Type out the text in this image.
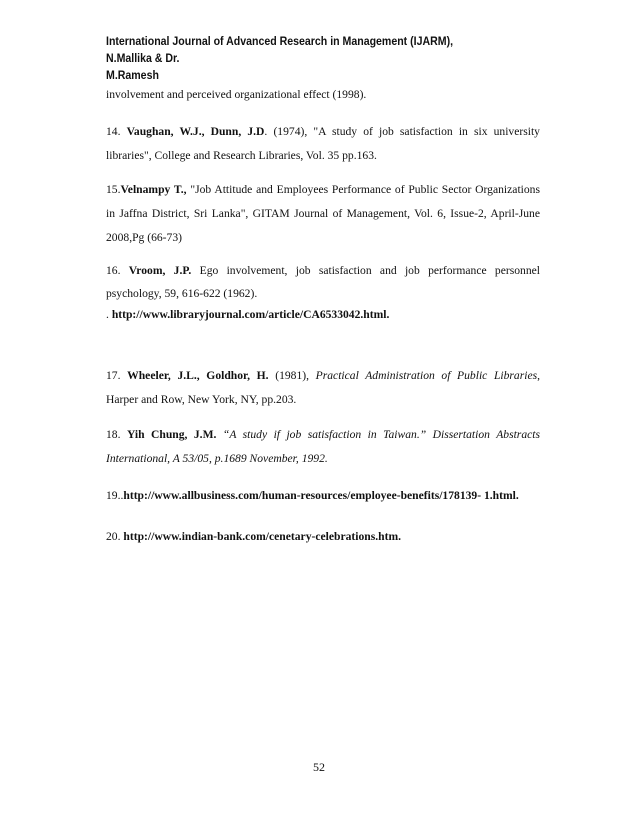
International Journal of Advanced Research in Management (IJARM), N.Mallika & Dr.
M.Ramesh
involvement and perceived organizational effect (1998).
14. Vaughan, W.J., Dunn, J.D. (1974), "A study of job satisfaction in six university
libraries", College and Research Libraries, Vol. 35 pp.163.
15.Velnampy T., "Job Attitude and Employees Performance of Public Sector Organizations
in Jaffna District, Sri Lanka", GITAM Journal of Management, Vol. 6, Issue-2, April-June
2008,Pg (66-73)
16. Vroom, J.P. Ego involvement, job satisfaction and job performance personnel
psychology, 59, 616-622 (1962).
. http://www.libraryjournal.com/article/CA6533042.html.
17. Wheeler, J.L., Goldhor, H. (1981), Practical Administration of Public Libraries,
Harper and Row, New York, NY, pp.203.
18. Yih Chung, J.M. “A study if job satisfaction in Taiwan.” Dissertation Abstracts
International, A 53/05, p.1689 November, 1992.
19..http://www.allbusiness.com/human-resources/employee-benefits/178139- 1.html.
20. http://www.indian-bank.com/cenetary-celebrations.htm.
52
